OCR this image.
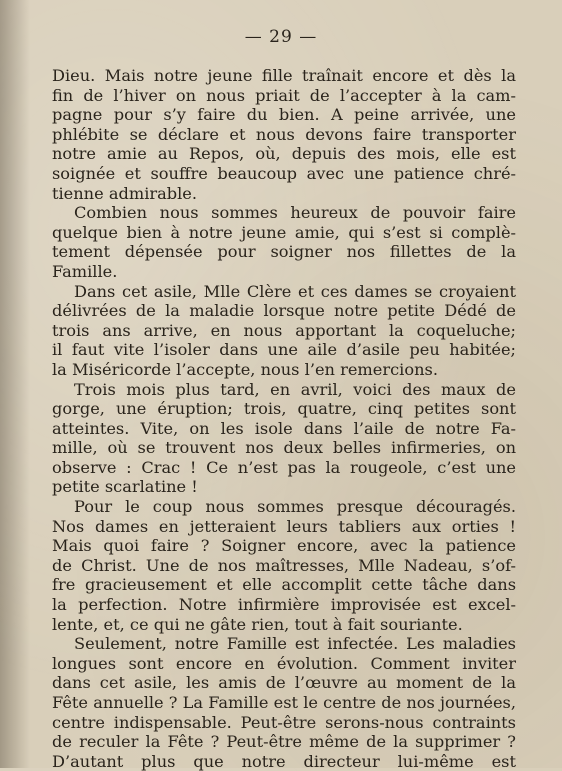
— 29 —
Dieu. Mais notre jeune fille traînait encore et dès la
fin de l’hiver on nous priait de l’accepter à la cam-
pagne pour s’y faire du bien. A peine arrivée, une
phlébite se déclare et nous devons faire transporter
notre amie au Repos, où, depuis des mois, elle est
soignée et souffre beaucoup avec une patience chré-
tienne admirable.
Combien nous sommes heureux de pouvoir faire
quelque bien à notre jeune amie, qui s’est si complè-
tement dépensée pour soigner nos fillettes de la
Famille.
Dans cet asile, Mlle Clère et ces dames se croyaient
délivrées de la maladie lorsque notre petite Dédé de
trois ans arrive, en nous apportant la coqueluche;
il faut vite l’isoler dans une aile d’asile peu habitée;
la Miséricorde l’accepte, nous l’en remercions.
Trois mois plus tard, en avril, voici des maux de
gorge, une éruption; trois, quatre, cinq petites sont
atteintes. Vite, on les isole dans l’aile de notre Fa-
mille, où se trouvent nos deux belles infirmeries, on
observe : Crac ! Ce n’est pas la rougeole, c’est une
petite scarlatine !
Pour le coup nous sommes presque découragés.
Nos dames en jetteraient leurs tabliers aux orties !
Mais quoi faire ? Soigner encore, avec la patience
de Christ. Une de nos maîtresses, Mlle Nadeau, s’of-
fre gracieusement et elle accomplit cette tâche dans
la perfection. Notre infirmière improvisée est excel-
lente, et, ce qui ne gâte rien, tout à fait souriante.
Seulement, notre Famille est infectée. Les maladies
longues sont encore en évolution. Comment inviter
dans cet asile, les amis de l’œuvre au moment de la
Fête annuelle ? La Famille est le centre de nos journées,
centre indispensable. Peut-être serons-nous contraints
de reculer la Fête ? Peut-être même de la supprimer ?
D’autant plus que notre directeur lui-même est
